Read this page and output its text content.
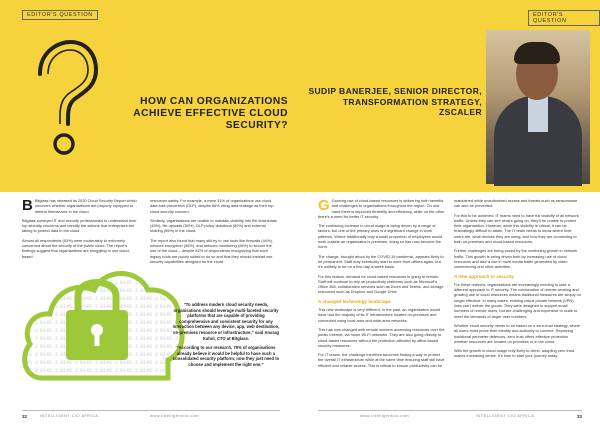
EDITOR'S QUESTION
HOW CAN ORGANIZATIONS ACHIEVE EFFECTIVE CLOUD SECURITY?

B Bitglass has released its 2020 Cloud Security Report which uncovers whether organisations are properly equipped to defend themselves in the cloud.

Bitglass surveyed IT and security professionals to understand their top security concerns and identify the actions that enterprises are taking to protect data in the cloud.

Almost all respondents (93%) were moderately to extremely concerned about the security of the public cloud. The report’s findings suggest that organisations are struggling to use cloud-based

resources safely. For example, a mere 31% of organisations use cloud data loss prevention (DLP), despite 66% citing data leakage as their top cloud security concern.

Similarly, organisations are unable to maintain visibility into file downloads (45%), file uploads (50%), DLP policy violations (50%) and external sharing (55%) in the cloud.

The report also found that many still try to use tools like firewalls (44%), network encryption (36%), and network monitoring (26%) to secure the use of the cloud – despite 82% of respondents recognizing that such legacy tools are poorly suited to do so and that they should instead use security capabilities designed for the cloud.

“To address modern cloud security needs, organisations should leverage multi-faceted security platforms that are capable of providing comprehensive and consistent security for any interaction between any device, app, web destination, on-premises resource or infrastructure,” said Anurag Kahol, CTO at Bitglass.

“According to our research, 79% of organisations already believe it would be helpful to have such a consolidated security platform; now they just need to choose and implement the right one.”

32	INTELLIGENT CIO AFRICA	www.intelligentcio.com
EDITOR'S QUESTION
SUDIP BANERJEE, SENIOR DIRECTOR, TRANSFORMATION STRATEGY, ZSCALER

G Growing use of cloud-based resources is delivering both benefits and challenges to organisations throughout the region. On one hand there is improved flexibility and efficiency, while on the other there’s a need for better IT security.

The continuing increase in cloud usage is being driven by a range of factors, but one of the primary ones is a significant change in work patterns. Where traditionally only a small proportion of employees would work outside an organisation’s premises, doing so has now become the norm.

The change, brought about by the COVID-19 pandemic, appears likely to be permanent. Staff may eventually start to work from offices again, but it’s unlikely to be on a five-day-a-week basis.

For this reason, demand for cloud-based resources is going to remain. Staff will continue to rely on productivity platforms such as Microsoft’s Office 365, collaboration services such as Zoom and Teams, and storage resources such as Dropbox and Google Drive.

A changed technology landscape

This new landscape is very different. In the past, an organisation would have had the majority of its IT infrastructure located on-premises and connected using local area and wide-area networks.

This has now changed with remote workers accessing resources over the public Internet, via home Wi-Fi networks. They are also going directly to cloud-based resources without the protection afforded by office-based security measures.

For IT teams, the challenge therefore becomes finding a way to protect the overall IT infrastructure while at the same time ensuring staff still have efficient and reliable access. This is critical to ensure productivity can be

maintained while unauthorised access and threats such as ransomware can also be prevented.

For this to be achieved, IT teams need to have full visibility of all network traffic. Unless they can see what’s going on, they’ll be unable to protect their organisation. However, while this visibility is critical, it can be frustratingly difficult to attain. The IT team needs to know where their users are, what devices they are using, and how they are connecting to both on-premises and cloud-based resources.

Further challenges are being posed by the continuing growth in network traffic. This growth is being driven both by increasing use of cloud resources and also a rise in multi-media traffic generated by video conferencing and other activities.

A new approach to security

For these reasons, organisations are increasingly needing to take a different approach to IT security. The combination of remote working and growing use of cloud resources means traditional measures are simply no longer effective. In many cases, existing virtual private network (VPN) links can’t deliver the goods. They were designed to support small numbers of remote users, but are challenging and expensive to scale to meet the demands of larger user numbers.

Whether cloud security needs to be based on a zero-trust strategy, where all users must prove their identity and authority to connect. Replacing traditional perimeter defences, zero trust offers effective protection whether resources are located on-premises or in the cloud.

With the growth in cloud usage only likely to climb, adopting zero trust makes increasing sense. It’s time to start your journey today.

www.intelligentcio.com	INTELLIGENT CIO AFRICA	33
